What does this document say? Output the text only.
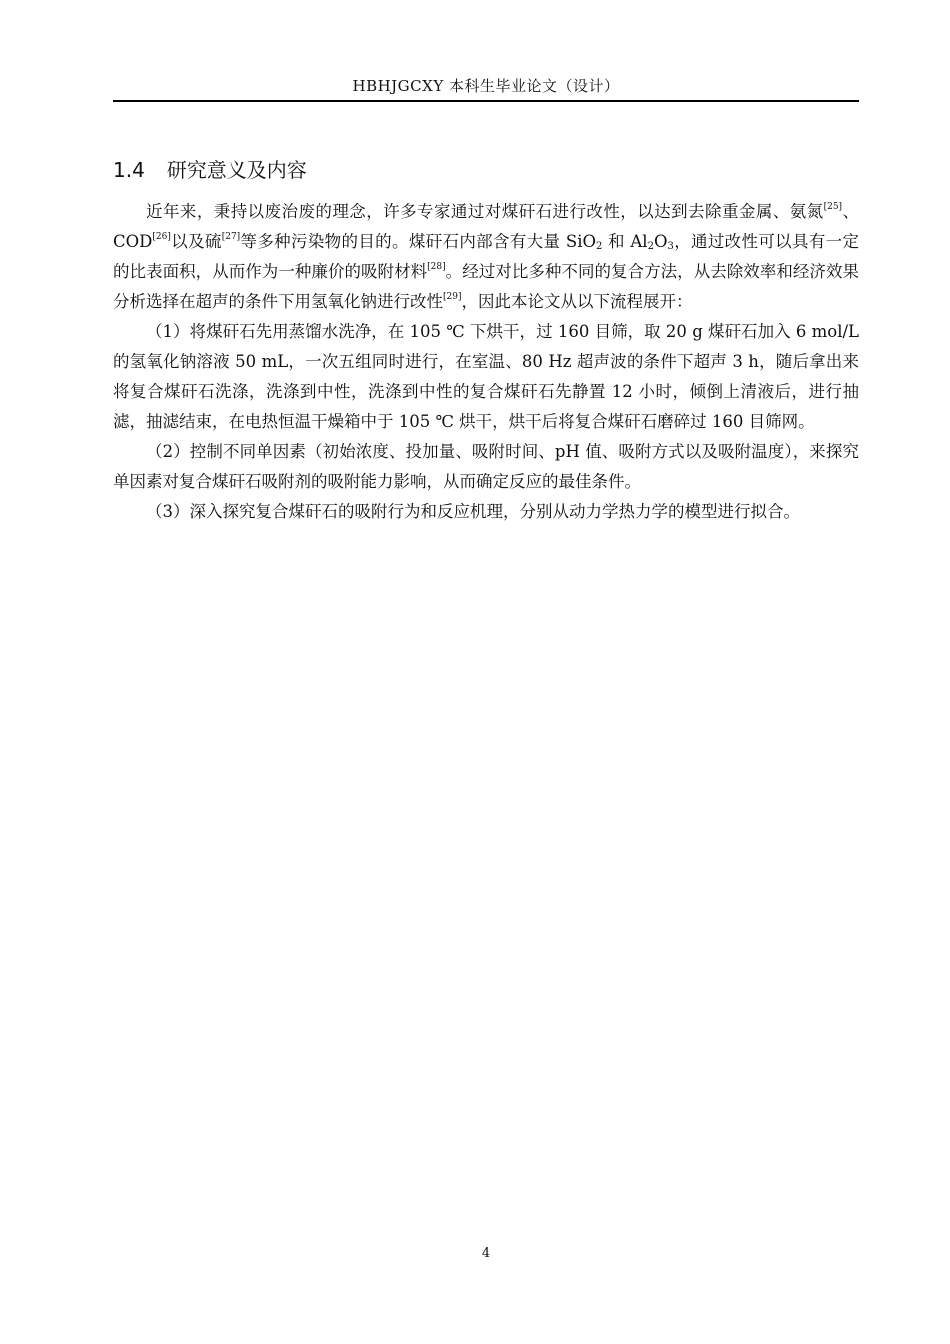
HBHJGCXY 本科生毕业论文（设计）
1.4 研究意义及内容

近年来，秉持以废治废的理念，许多专家通过对煤矸石进行改性，以达到去除重金属、氨氮[25]、COD[26]以及硫[27]等多种污染物的目的。煤矸石内部含有大量 SiO$_2$ 和 $Al_2O_3$，通过改性可以具有一定的比表面积，从而作为一种廉价的吸附材料[28]。经过对比多种不同的复合方法，从去除效率和经济效果分析选择在超声的条件下用氢氧化钠进行改性[29]，因此本论文从以下流程展开：

（1）将煤矸石先用蒸馏水洗净，在 105 ℃ 下烘干，过 160 目筛，取 20 g 煤矸石加入 6 mol/L 的氢氧化钠溶液 50 mL，一次五组同时进行，在室温、80 Hz 超声波的条件下超声 3 h，随后拿出来将复合煤矸石洗涤，洗涤到中性，洗涤到中性的复合煤矸石先静置 12 小时，倾倒上清液后，进行抽滤，抽滤结束，在电热恒温干燥箱中于 105 ℃ 烘干，烘干后将复合煤矸石磨碎过 160 目筛网。

（2）控制不同单因素（初始浓度、投加量、吸附时间、pH 值、吸附方式以及吸附温度），来探究单因素对复合煤矸石吸附剂的吸附能力影响，从而确定反应的最佳条件。

（3）深入探究复合煤矸石的吸附行为和反应机理，分别从动力学热力学的模型进行拟合。

4
